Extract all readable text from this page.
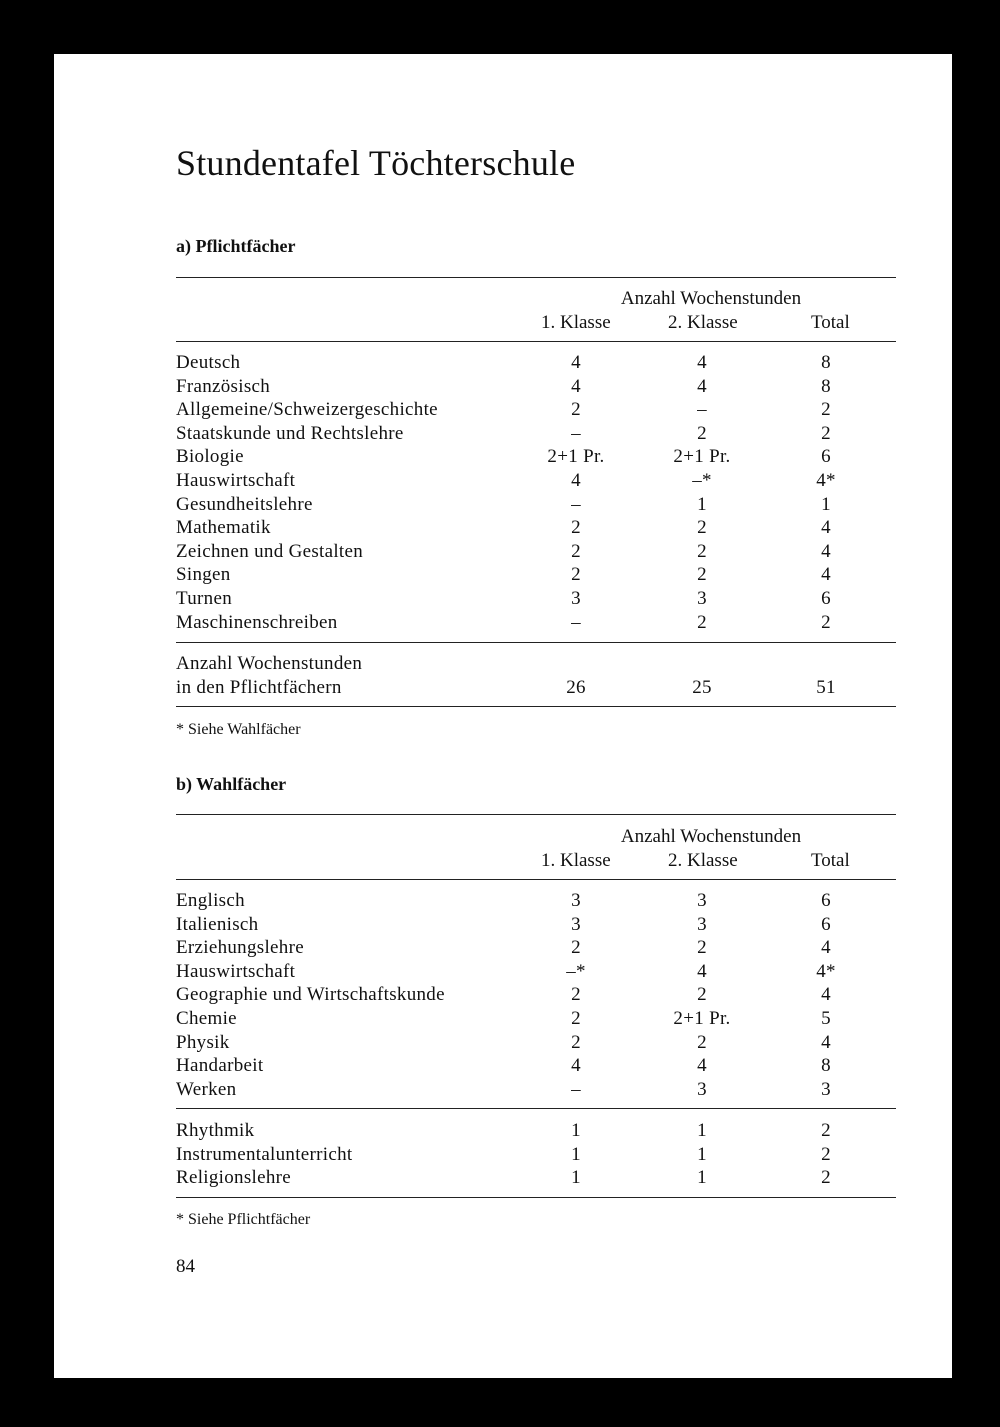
Stundentafel Töchterschule
a) Pflichtfächer
Anzahl Wochenstunden
1. Klasse	2. Klasse	Total
Deutsch	4	4	8
Französisch	4	4	8
Allgemeine/Schweizergeschichte	2	–	2
Staatskunde und Rechtslehre	–	2	2
Biologie	2+1 Pr.	2+1 Pr.	6
Hauswirtschaft	4	–*	4*
Gesundheitslehre	–	1	1
Mathematik	2	2	4
Zeichnen und Gestalten	2	2	4
Singen	2	2	4
Turnen	3	3	6
Maschinenschreiben	–	2	2
Anzahl Wochenstunden
in den Pflichtfächern	26	25	51
* Siehe Wahlfächer
b) Wahlfächer
Anzahl Wochenstunden
1. Klasse	2. Klasse	Total
Englisch	3	3	6
Italienisch	3	3	6
Erziehungslehre	2	2	4
Hauswirtschaft	–*	4	4*
Geographie und Wirtschaftskunde	2	2	4
Chemie	2	2+1 Pr.	5
Physik	2	2	4
Handarbeit	4	4	8
Werken	–	3	3
Rhythmik	1	1	2
Instrumentalunterricht	1	1	2
Religionslehre	1	1	2
* Siehe Pflichtfächer
84
